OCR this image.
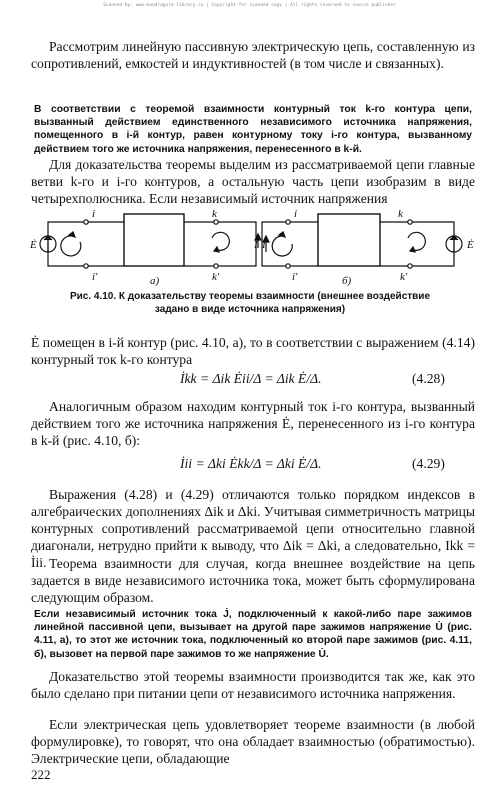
Scanned by: www.mandragora-library.ru | Copyright for scanned copy | All rights reserved to source publisher
Рассмотрим линейную пассивную электрическую цепь, составленную из сопротивлений, емкостей и индуктивностей (в том числе и связанных).
В соответствии с теоремой взаимности контурный ток k-го контура цепи, вызванный действием единственного независимого источника напряжения, помещенного в i-й контур, равен контурному току i-го контура, вызванному действием того же источника напряжения, перенесенного в k-й.
Для доказательства теоремы выделим из рассматриваемой цепи главные ветви k-го и i-го контуров, а остальную часть цепи изобразим в виде четырехполюсника. Если независимый источник напряжения
Ė
i
i'
k
k'
İ
а)
İ
i
i'
k
k'
Ė
б)
Рис. 4.10. К доказательству теоремы взаимности (внешнее воздействие задано в виде источника напряжения)
Ė помещен в i-й контур (рис. 4.10, а), то в соответствии с выражением (4.14) контурный ток k-го контура
İkk = Δik Ėii/Δ = Δik Ė/Δ.	(4.28)
Аналогичным образом находим контурный ток i-го контура, вызванный действием того же источника напряжения Ė, перенесенного из i-го контура в k-й (рис. 4.10, б):
İii = Δki Ėkk/Δ = Δki Ė/Δ.	(4.29)
Выражения (4.28) и (4.29) отличаются только порядком индексов в алгебраических дополнениях Δik и Δki. Учитывая симметричность матрицы контурных сопротивлений рассматриваемой цепи относительно главной диагонали, нетрудно прийти к выводу, что Δik = Δki, а следовательно, Ikk = İii. Теорема взаимности для случая, когда внешнее воздействие на цепь задается в виде независимого источника тока, может быть сформулирована следующим образом.
Если независимый источник тока J̇, подключенный к какой-либо паре зажимов линейной пассивной цепи, вызывает на другой паре зажимов напряжение U̇ (рис. 4.11, а), то этот же источник тока, подключенный ко второй паре зажимов (рис. 4.11, б), вызовет на первой паре зажимов то же напряжение U̇.
Доказательство этой теоремы взаимности производится так же, как это было сделано при питании цепи от независимого источника напряжения.
Если электрическая цепь удовлетворяет теореме взаимности (в любой формулировке), то говорят, что она обладает взаимностью (обратимостью). Электрические цепи, обладающие
222
